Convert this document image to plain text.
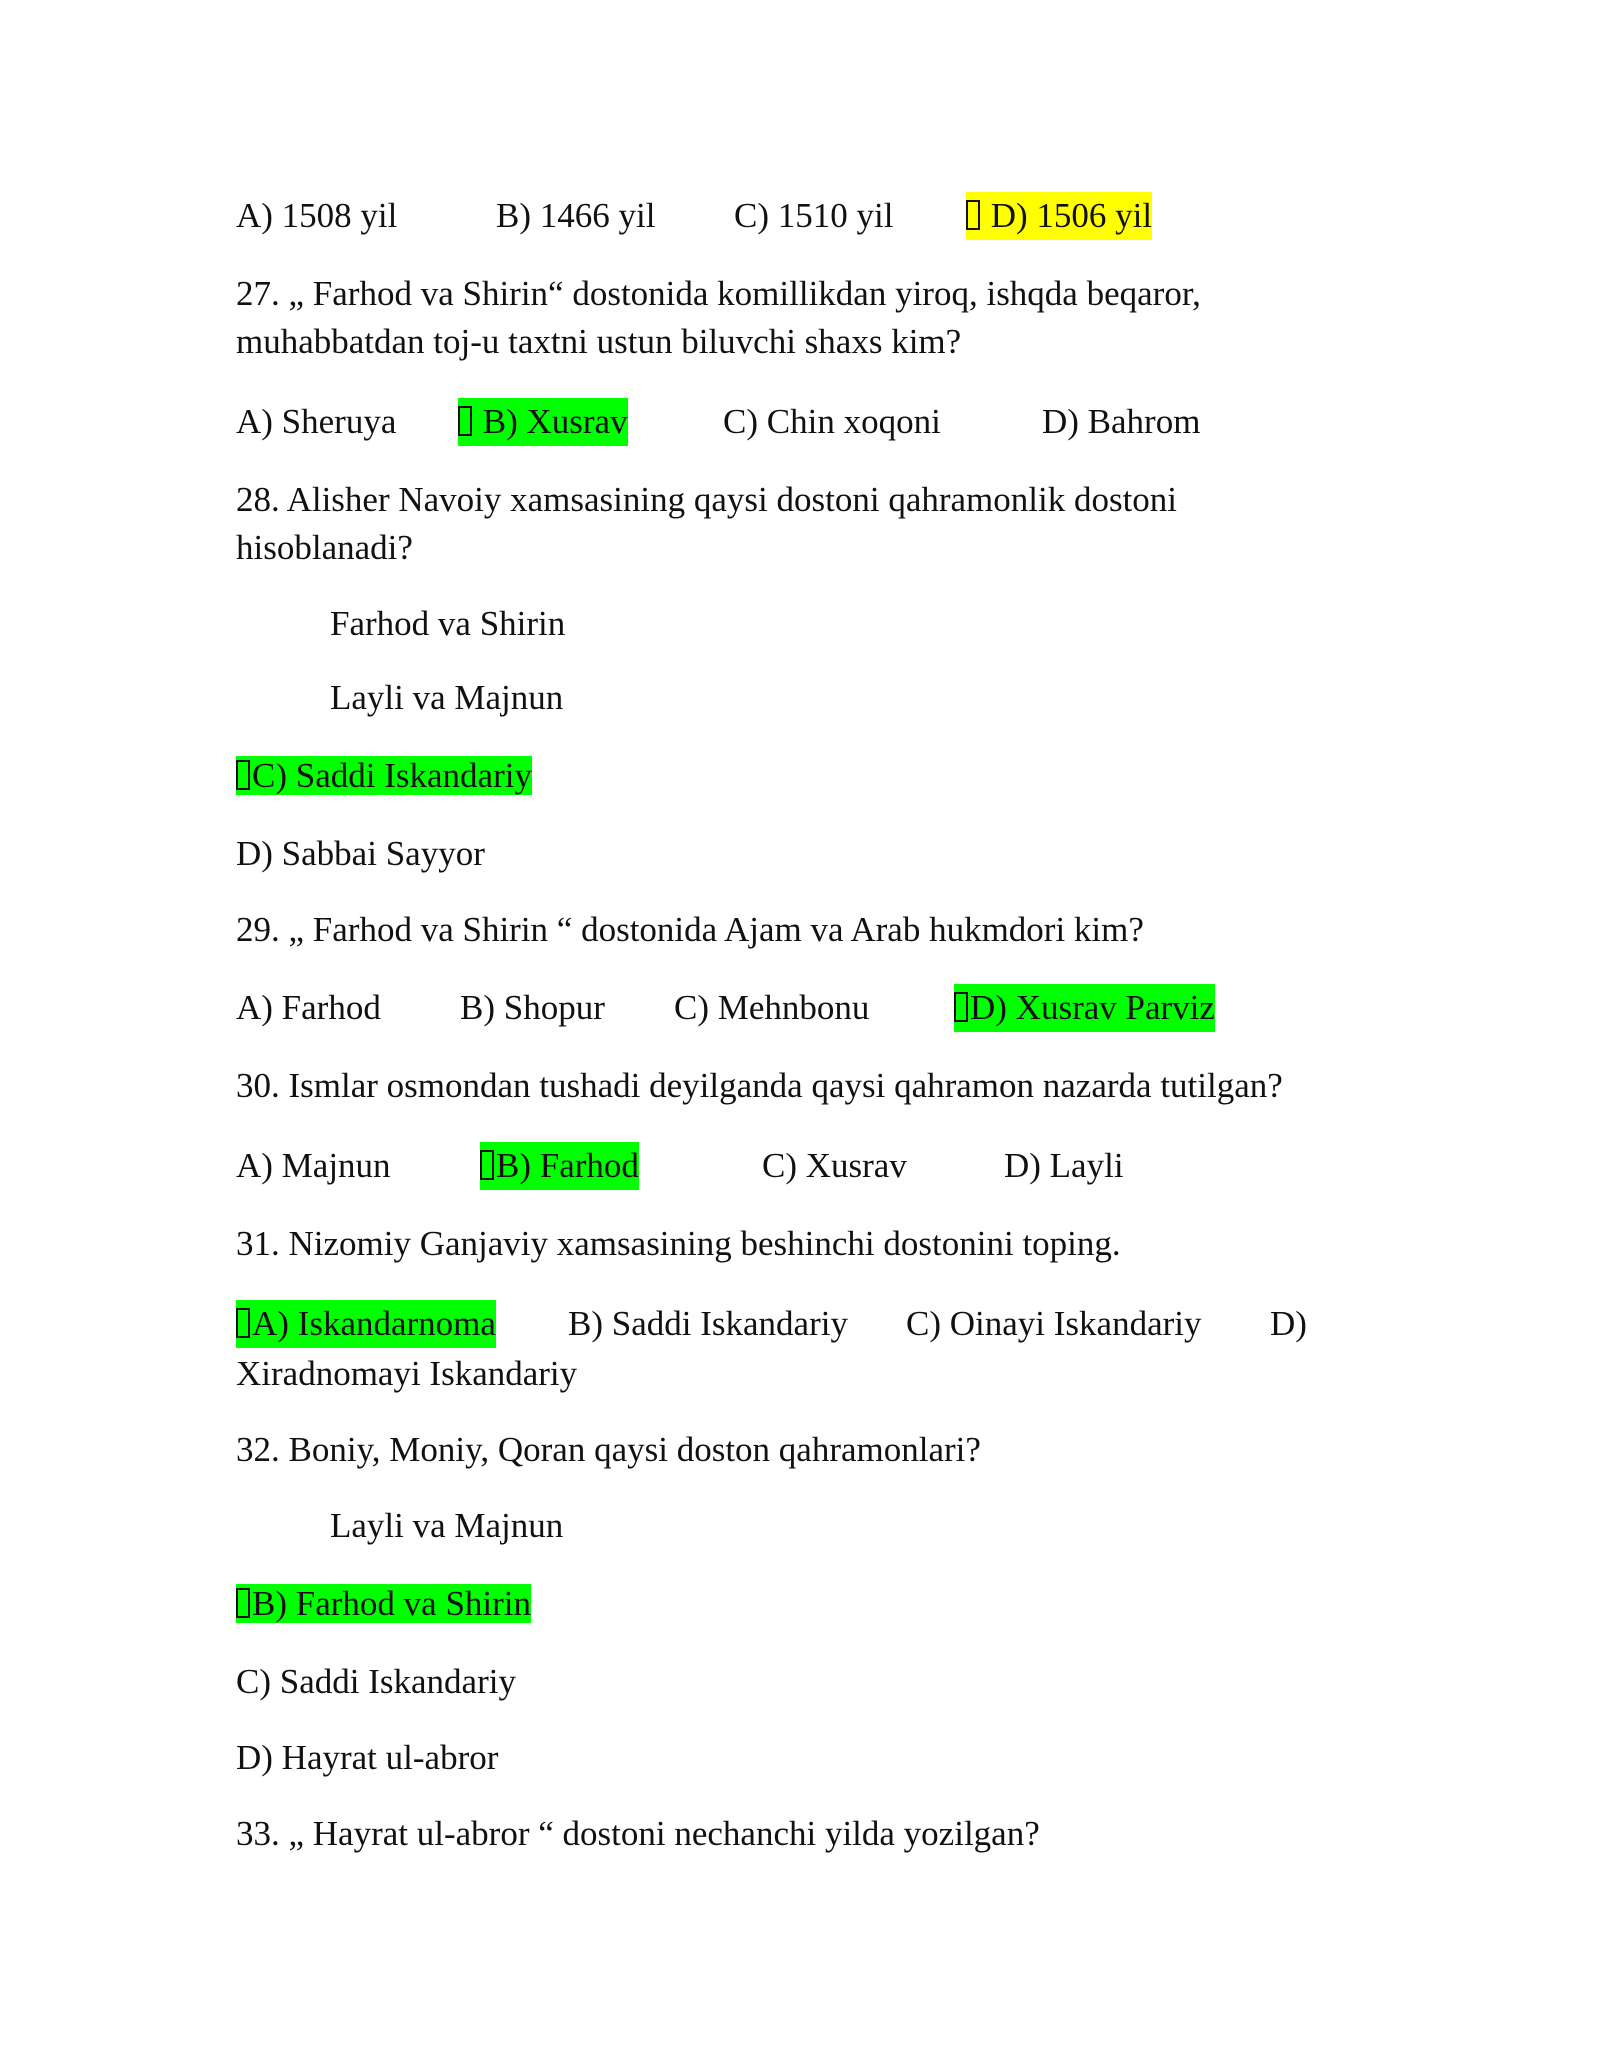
A) 1508 yil	B) 1466 yil C) 1510 yil	D) 1506 yil
27. „ Farhod va Shirin“ dostonida komillikdan yiroq, ishqda beqaror,
muhabbatdan toj-u taxtni ustun biluvchi shaxs kim?
A) Sheruya	B) Xusrav	C) Chin xoqoni	D) Bahrom
28. Alisher Navoiy xamsasining qaysi dostoni qahramonlik dostoni
hisoblanadi?
Farhod va Shirin
Layli va Majnun
C) Saddi Iskandariy
D) Sabbai Sayyor
29. „ Farhod va Shirin “ dostonida Ajam va Arab hukmdori kim?
A) Farhod B) Shopur C) Mehnbonu	D) Xusrav Parviz
30. Ismlar osmondan tushadi deyilganda qaysi qahramon nazarda tutilgan?
A) Majnun	B) Farhod	C) Xusrav	D) Layli
31. Nizomiy Ganjaviy xamsasining beshinchi dostonini toping.
A) Iskandarnoma B) Saddi Iskandariy C) Oinayi Iskandariy D)
Xiradnomayi Iskandariy
32. Boniy, Moniy, Qoran qaysi doston qahramonlari?
Layli va Majnun
B) Farhod va Shirin
C) Saddi Iskandariy
D) Hayrat ul-abror
33. „ Hayrat ul-abror “ dostoni nechanchi yilda yozilgan?
